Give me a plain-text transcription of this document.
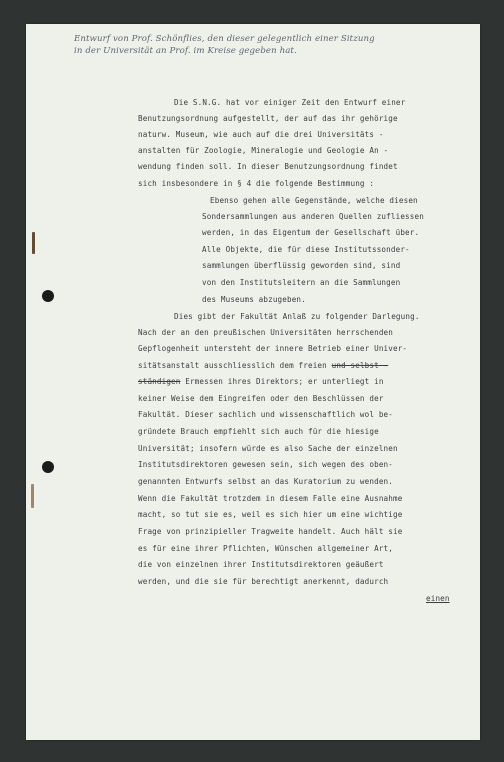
Entwurf von Prof. Schönflies, den dieser gelegentlich einer Sitzung
in der Universität an Prof. im Kreise gegeben hat.
Die S.N.G. hat vor einiger Zeit den Entwurf einer
Benutzungsordnung aufgestellt, der auf das ihr gehörige
naturw. Museum, wie auch auf die drei Universitäts -
anstalten für Zoologie, Mineralogie und Geologie An -
wendung finden soll. In dieser Benutzungsordnung findet
sich insbesondere in § 4 die folgende Bestimmung :
Ebenso gehen alle Gegenstände, welche diesen
Sondersammlungen aus anderen Quellen zufliessen
werden, in das Eigentum der Gesellschaft über.
Alle Objekte, die für diese Institutssonder-
sammlungen überflüssig geworden sind, sind
von den Institutsleitern an die Sammlungen
des Museums abzugeben.
Dies gibt der Fakultät Anlaß zu folgender Darlegung.
Nach der an den preußischen Universitäten herrschenden
Gepflogenheit untersteht der innere Betrieb einer Univer-
sitätsanstalt ausschliesslich dem freien und selbst -
ständigen Ermessen ihres Direktors; er unterliegt in
keiner Weise dem Eingreifen oder den Beschlüssen der
Fakultät. Dieser sachlich und wissenschaftlich wol be-
gründete Brauch empfiehlt sich auch für die hiesige
Universität; insofern würde es also Sache der einzelnen
Institutsdirektoren gewesen sein, sich wegen des oben-
genannten Entwurfs selbst an das Kuratorium zu wenden.
Wenn die Fakultät trotzdem in diesem Falle eine Ausnahme
macht, so tut sie es, weil es sich hier um eine wichtige
Frage von prinzipieller Tragweite handelt. Auch hält sie
es für eine ihrer Pflichten, Wünschen allgemeiner Art,
die von einzelnen ihrer Institutsdirektoren geäußert
werden, und die sie für berechtigt anerkennt, dadurch
einen
